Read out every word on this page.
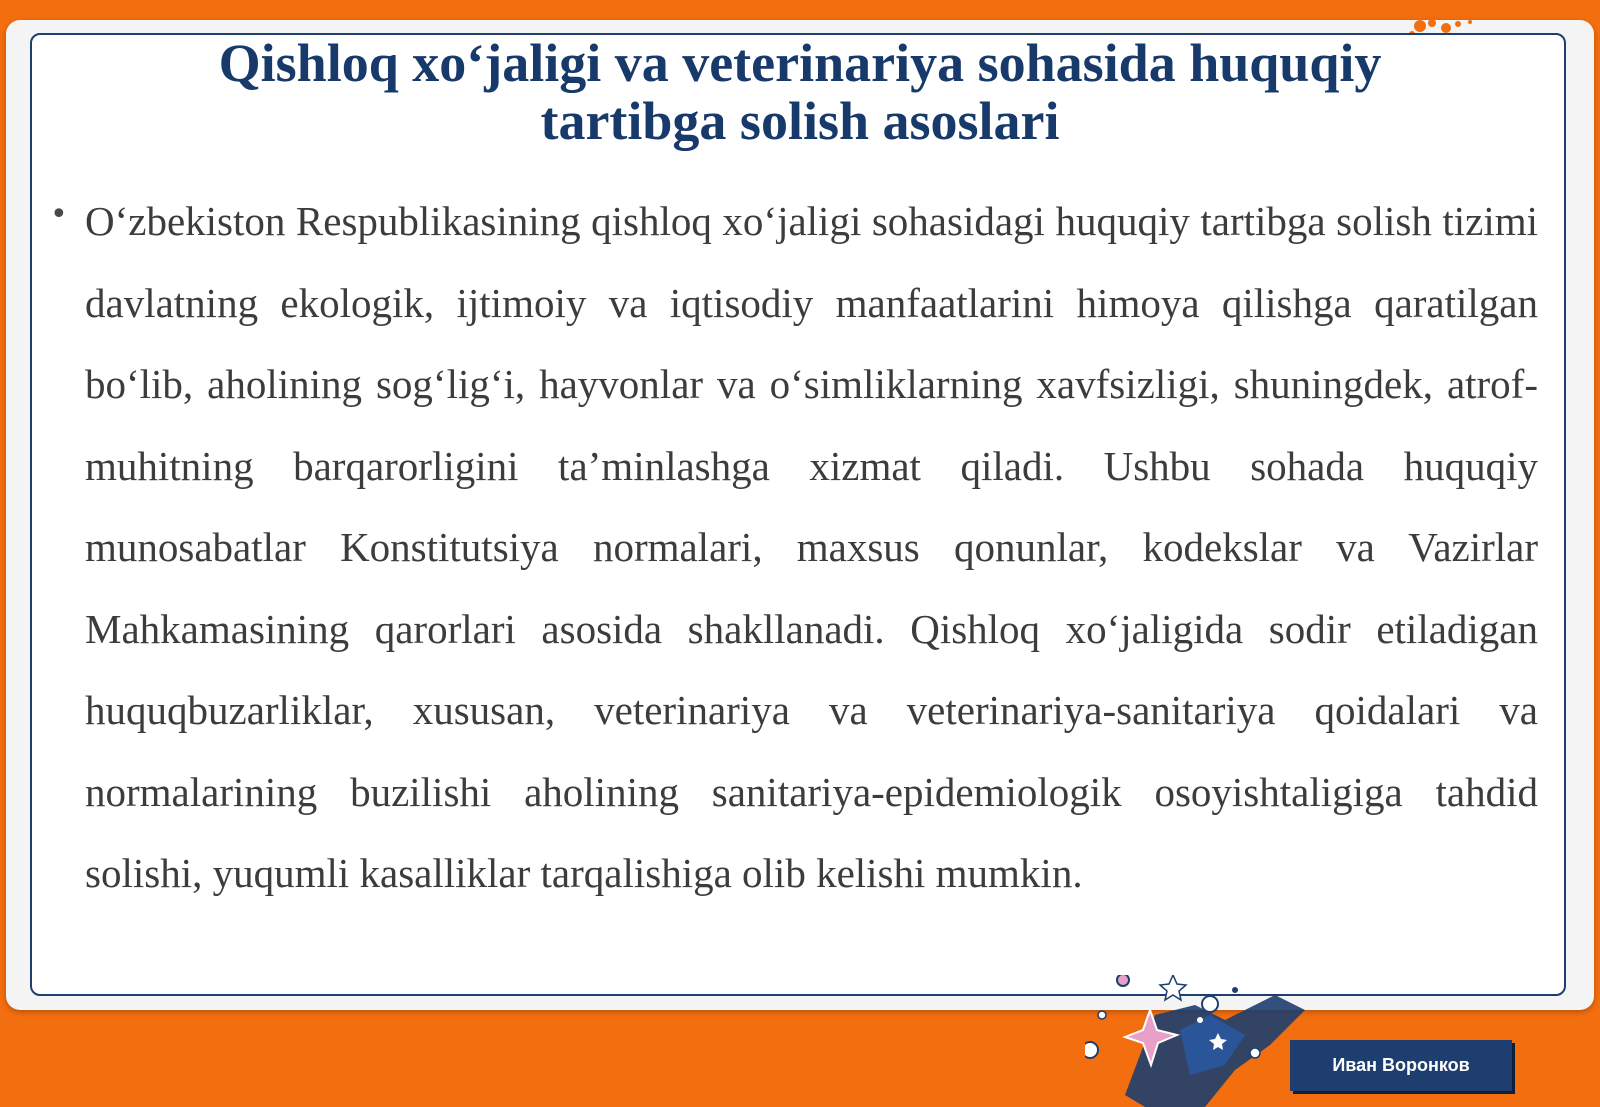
Qishloq xo‘jaligi va veterinariya sohasida huquqiy tartibga solish asoslari
• O‘zbekiston Respublikasining qishloq xo‘jaligi sohasidagi huquqiy tartibga solish tizimi davlatning ekologik, ijtimoiy va iqtisodiy manfaatlarini himoya qilishga qaratilgan bo‘lib, aholining sog‘lig‘i, hayvonlar va o‘simliklarning xavfsizligi, shuningdek, atrof-muhitning barqarorligini ta’minlashga xizmat qiladi. Ushbu sohada huquqiy munosabatlar Konstitutsiya normalari, maxsus qonunlar, kodekslar va Vazirlar Mahkamasining qarorlari asosida shakllanadi. Qishloq xo‘jaligida sodir etiladigan huquqbuzarliklar, xususan, veterinariya va veterinariya-sanitariya qoidalari va normalarining buzilishi aholining sanitariya-epidemiologik osoyishtaligiga tahdid solishi, yuqumli kasalliklar tarqalishiga olib kelishi mumkin.

Иван Воронков
